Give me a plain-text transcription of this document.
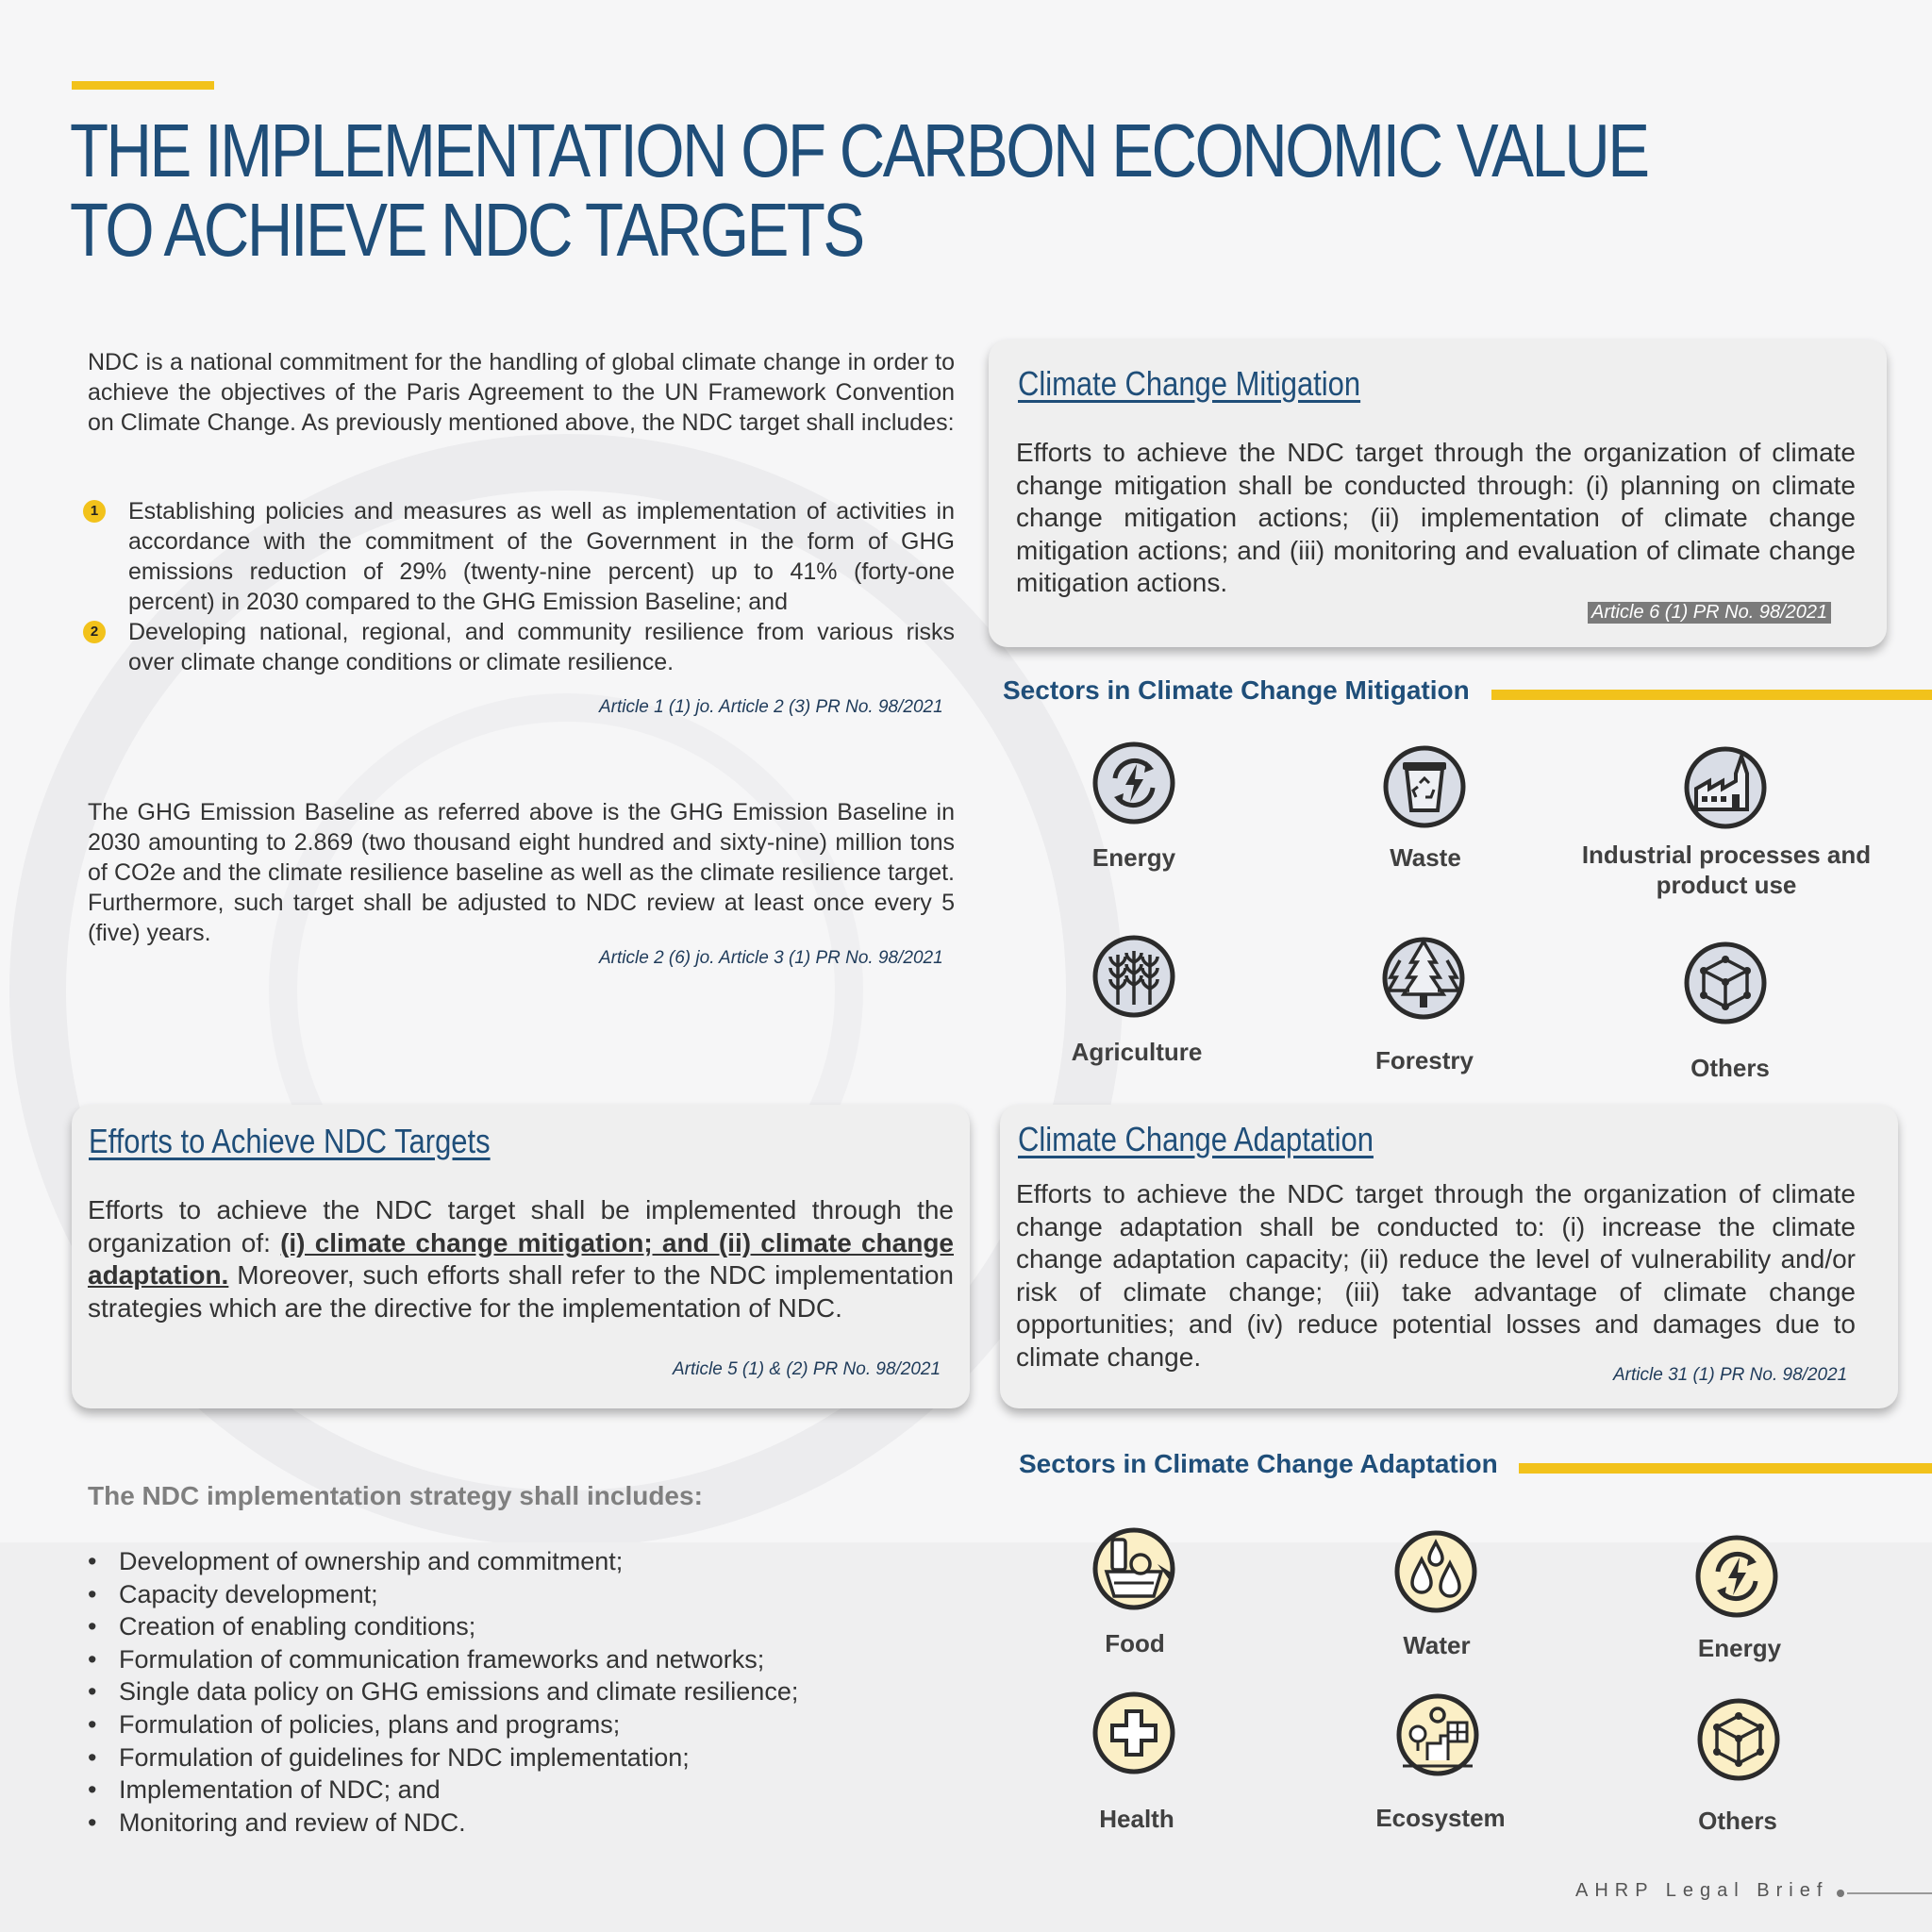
THE IMPLEMENTATION OF CARBON ECONOMIC VALUE
TO ACHIEVE NDC TARGETS

NDC is a national commitment for the handling of global climate change in order to achieve the objectives of the Paris Agreement to the UN Framework Convention on Climate Change. As previously mentioned above, the NDC target shall includes:

1	Establishing policies and measures as well as implementation of activities in accordance with the commitment of the Government in the form of GHG emissions reduction of 29% (twenty-nine percent) up to 41% (forty-one percent) in 2030 compared to the GHG Emission Baseline; and
2	Developing national, regional, and community resilience from various risks over climate change conditions or climate resilience.
Article 1 (1) jo. Article 2 (3) PR No. 98/2021

The GHG Emission Baseline as referred above is the GHG Emission Baseline in 2030 amounting to 2.869 (two thousand eight hundred and sixty-nine) million tons of CO2e and the climate resilience baseline as well as the climate resilience target. Furthermore, such target shall be adjusted to NDC review at least once every 5 (five) years.

Article 2 (6) jo. Article 3 (1) PR No. 98/2021
Climate Change Mitigation

Efforts to achieve the NDC target through the organization of climate change mitigation shall be conducted through: (i) planning on climate change mitigation actions; (ii) implementation of climate change mitigation actions; and (iii) monitoring and evaluation of climate change mitigation actions.

Article 6 (1) PR No. 98/2021
Sectors in Climate Change Mitigation
Energy	Waste	Industrial processes and product use
Agriculture	Forestry	Others
Efforts to Achieve NDC Targets

Efforts to achieve the NDC target shall be implemented through the organization of: (i) climate change mitigation; and (ii) climate change adaptation. Moreover, such efforts shall refer to the NDC implementation strategies which are the directive for the implementation of NDC.

Article 5 (1) & (2) PR No. 98/2021
Climate Change Adaptation

Efforts to achieve the NDC target through the organization of climate change adaptation shall be conducted to: (i) increase the climate change adaptation capacity; (ii) reduce the level of vulnerability and/or risk of climate change; (iii) take advantage of climate change opportunities; and (iv) reduce potential losses and damages due to climate change.

Article 31 (1) PR No. 98/2021
Sectors in Climate Change Adaptation
Food	Water	Energy
Health	Ecosystem	Others
The NDC implementation strategy shall includes:
• Development of ownership and commitment;
• Capacity development;
• Creation of enabling conditions;
• Formulation of communication frameworks and networks;
• Single data policy on GHG emissions and climate resilience;
• Formulation of policies, plans and programs;
• Formulation of guidelines for NDC implementation;
• Implementation of NDC; and
• Monitoring and review of NDC.
AHRP Legal Brief
